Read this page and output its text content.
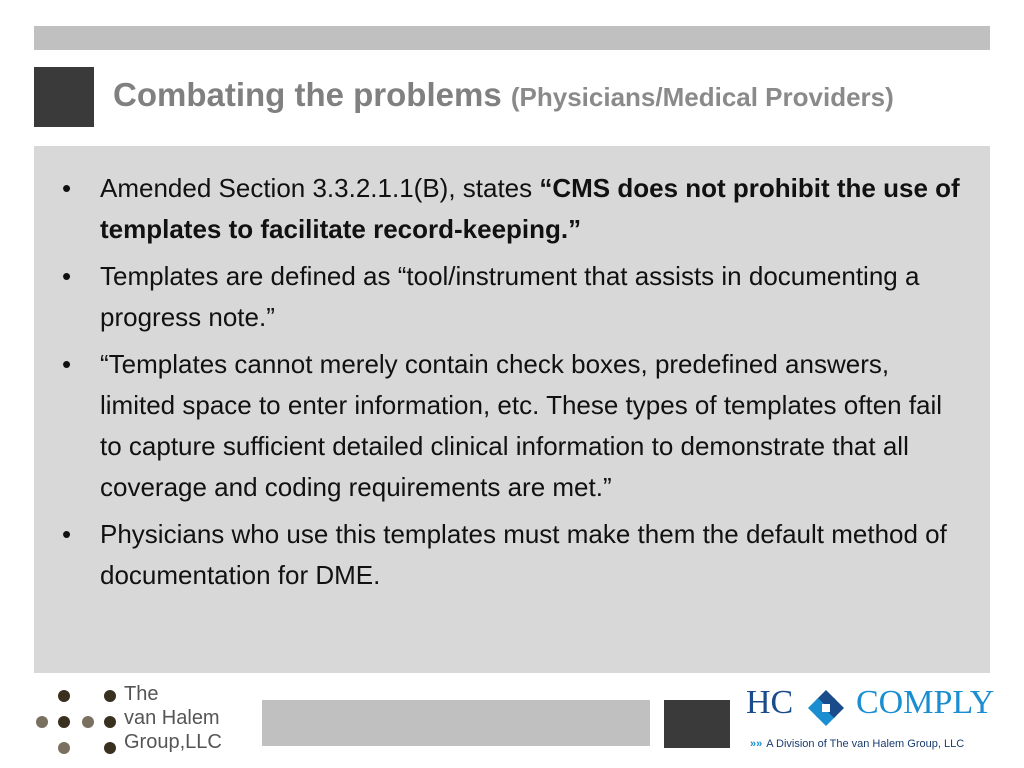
Combating the problems (Physicians/Medical Providers)
• Amended Section 3.3.2.1.1(B), states “CMS does not prohibit the use of templates to facilitate record-keeping.”
• Templates are defined as “tool/instrument that assists in documenting a progress note.”
• “Templates cannot merely contain check boxes, predefined answers, limited space to enter information, etc. These types of templates often fail to capture sufficient detailed clinical information to demonstrate that all coverage and coding requirements are met.”
• Physicians who use this templates must make them the default method of documentation for DME.
The
van Halem
Group,LLC
HC COMPLY
»» A Division of The van Halem Group, LLC
